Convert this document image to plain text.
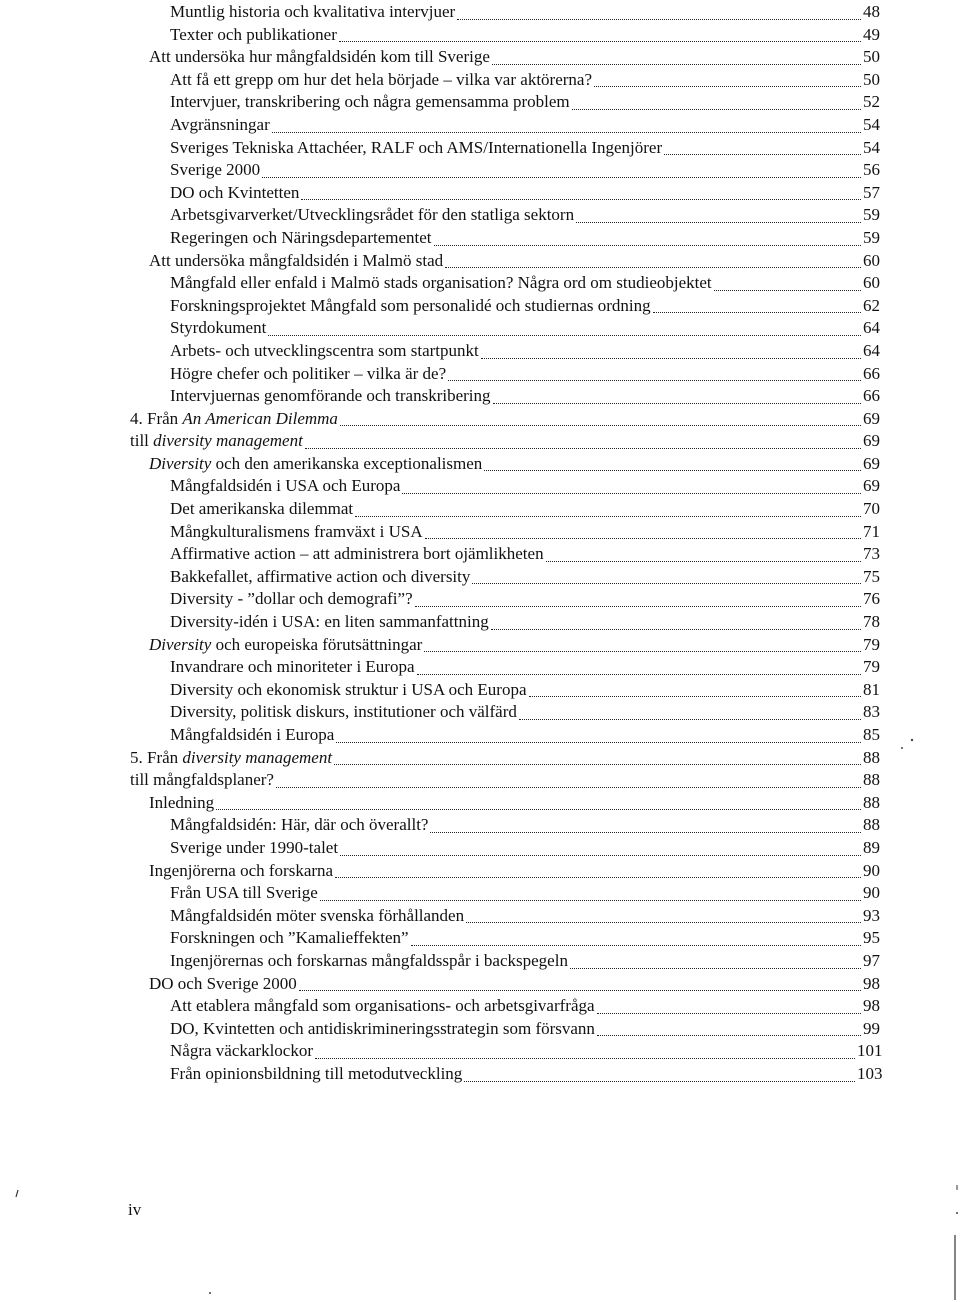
Muntlig historia och kvalitativa intervjuer	48
Texter och publikationer	49
Att undersöka hur mångfaldsidén kom till Sverige	50
Att få ett grepp om hur det hela började – vilka var aktörerna?	50
Intervjuer, transkribering och några gemensamma problem	52
Avgränsningar	54
Sveriges Tekniska Attachéer, RALF och AMS/Internationella Ingenjörer	54
Sverige 2000	56
DO och Kvintetten	57
Arbetsgivarverket/Utvecklingsrådet för den statliga sektorn	59
Regeringen och Näringsdepartementet	59
Att undersöka mångfaldsidén i Malmö stad	60
Mångfald eller enfald i Malmö stads organisation? Några ord om studieobjektet	60
Forskningsprojektet Mångfald som personalidé och studiernas ordning	62
Styrdokument	64
Arbets- och utvecklingscentra som startpunkt	64
Högre chefer och politiker – vilka är de?	66
Intervjuernas genomförande och transkribering	66
4. Från An American Dilemma	69
till diversity management	69
Diversity och den amerikanska exceptionalismen	69
Mångfaldsidén i USA och Europa	69
Det amerikanska dilemmat	70
Mångkulturalismens framväxt i USA	71
Affirmative action – att administrera bort ojämlikheten	73
Bakkefallet, affirmative action och diversity	75
Diversity - ”dollar och demografi”?	76
Diversity-idén i USA: en liten sammanfattning	78
Diversity och europeiska förutsättningar	79
Invandrare och minoriteter i Europa	79
Diversity och ekonomisk struktur i USA och Europa	81
Diversity, politisk diskurs, institutioner och välfärd	83
Mångfaldsidén i Europa	85
5. Från diversity management	88
till mångfaldsplaner?	88
Inledning	88
Mångfaldsidén: Här, där och överallt?	88
Sverige under 1990-talet	89
Ingenjörerna och forskarna	90
Från USA till Sverige	90
Mångfaldsidén möter svenska förhållanden	93
Forskningen och ”Kamalieffekten”	95
Ingenjörernas och forskarnas mångfaldsspår i backspegeln	97
DO och Sverige 2000	98
Att etablera mångfald som organisations- och arbetsgivarfråga	98
DO, Kvintetten och antidiskrimineringsstrategin som försvann	99
Några väckarklockor	101
Från opinionsbildning till metodutveckling	103
iv
